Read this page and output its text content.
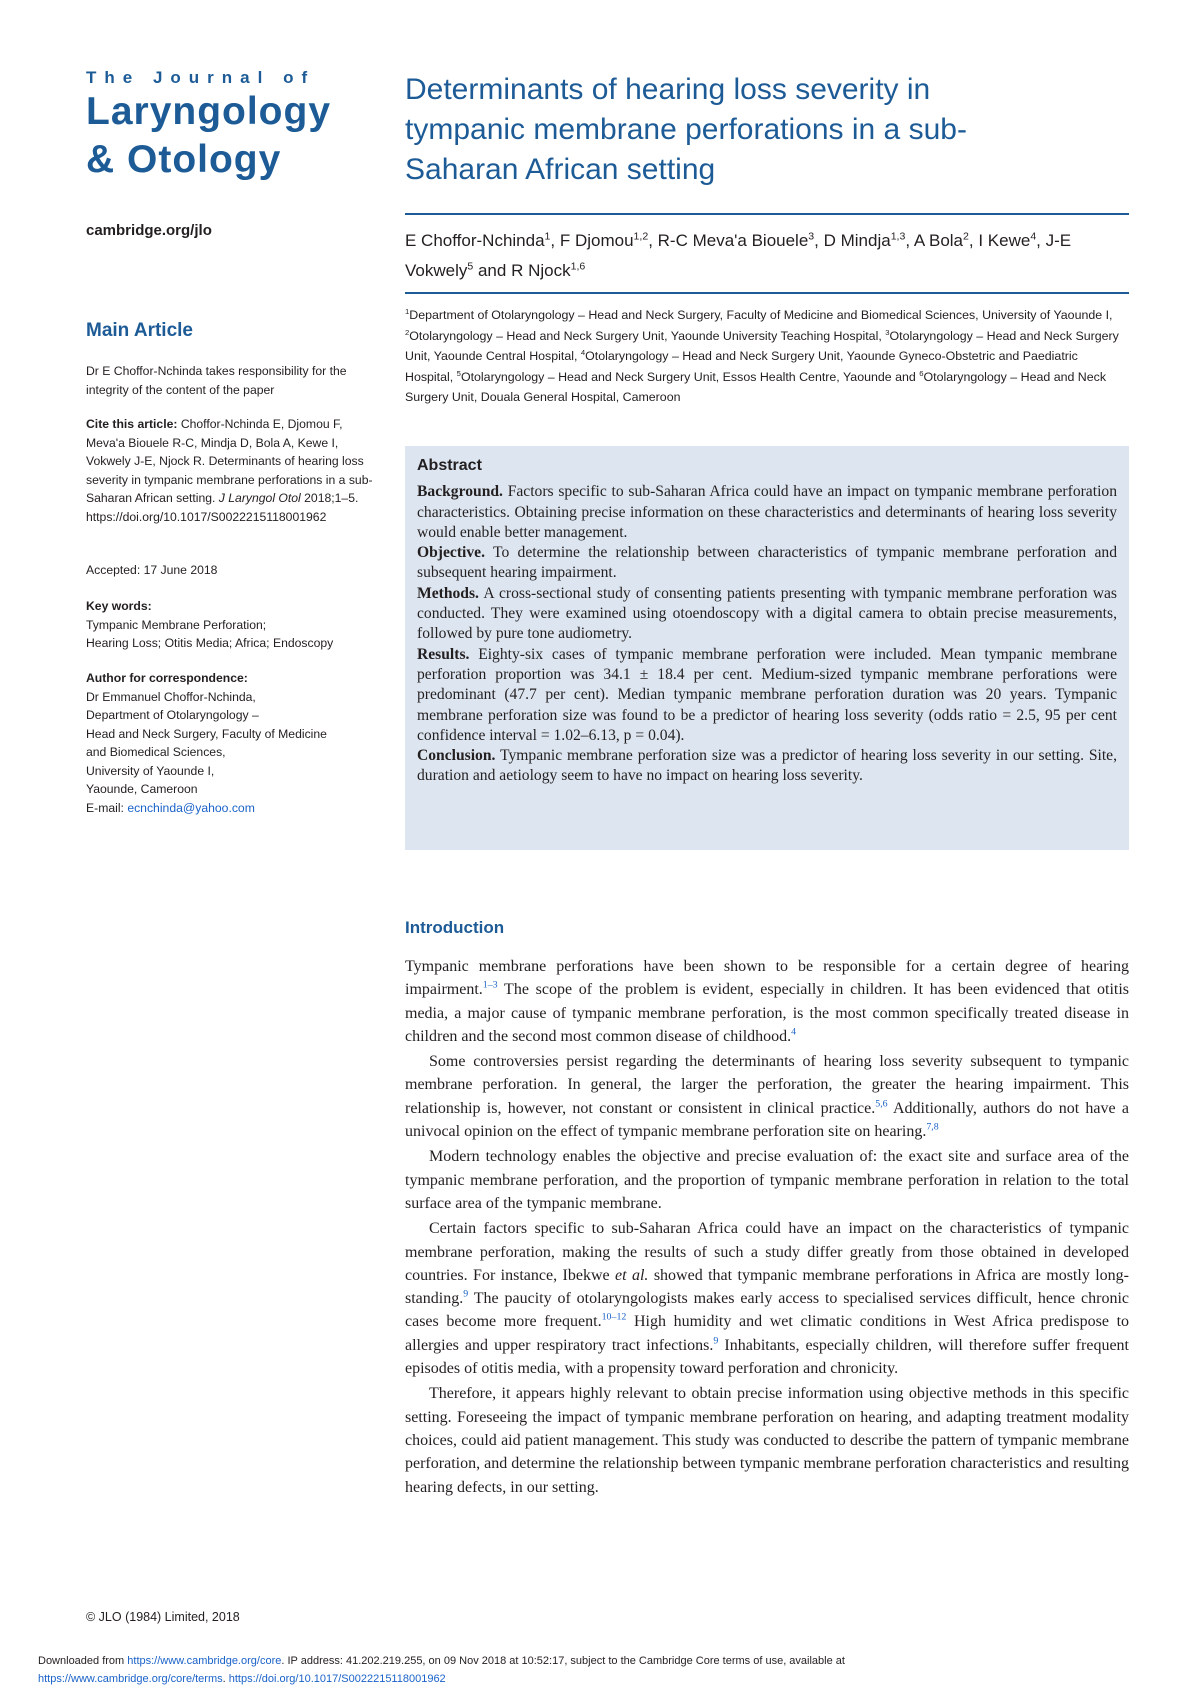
The Journal of
Laryngology
& Otology
cambridge.org/jlo
Main Article

Dr E Choffor-Nchinda takes responsibility for the integrity of the content of the paper

Cite this article: Choffor-Nchinda E, Djomou F, Meva'a Biouele R-C, Mindja D, Bola A, Kewe I, Vokwely J-E, Njock R. Determinants of hearing loss severity in tympanic membrane perforations in a sub-Saharan African setting. J Laryngol Otol 2018;1–5. https://doi.org/10.1017/S0022215118001962

Accepted: 17 June 2018

Key words:

Tympanic Membrane Perforation;

Hearing Loss; Otitis Media; Africa; Endoscopy

Author for correspondence:

Dr Emmanuel Choffor-Nchinda,

Department of Otolaryngology –

Head and Neck Surgery, Faculty of Medicine

and Biomedical Sciences,

University of Yaounde I,

Yaounde, Cameroon

E-mail: ecnchinda@yahoo.com

© JLO (1984) Limited, 2018
Determinants of hearing loss severity in tympanic membrane perforations in a sub-Saharan African setting
E Choffor-Nchinda$^1$, F Djomou$^{1,2}$, R-C Meva'a Biouele$^3$, D Mindja$^{1,3}$, A Bola$^2$, I Kewe$^4$, J-E Vokwely$^5$ and R Njock$^{1,6}$
$^1$Department of Otolaryngology – Head and Neck Surgery, Faculty of Medicine and Biomedical Sciences, University of Yaounde I, $^2$Otolaryngology – Head and Neck Surgery Unit, Yaounde University Teaching Hospital, $^3$Otolaryngology – Head and Neck Surgery Unit, Yaounde Central Hospital, $^4$Otolaryngology – Head and Neck Surgery Unit, Yaounde Gyneco-Obstetric and Paediatric Hospital, $^5$Otolaryngology – Head and Neck Surgery Unit, Essos Health Centre, Yaounde and $^6$Otolaryngology – Head and Neck Surgery Unit, Douala General Hospital, Cameroon
Abstract

Background. Factors specific to sub-Saharan Africa could have an impact on tympanic membrane perforation characteristics. Obtaining precise information on these characteristics and determinants of hearing loss severity would enable better management.

Objective. To determine the relationship between characteristics of tympanic membrane perforation and subsequent hearing impairment.

Methods. A cross-sectional study of consenting patients presenting with tympanic membrane perforation was conducted. They were examined using otoendoscopy with a digital camera to obtain precise measurements, followed by pure tone audiometry.

Results. Eighty-six cases of tympanic membrane perforation were included. Mean tympanic membrane perforation proportion was 34.1 ± 18.4 per cent. Medium-sized tympanic membrane perforations were predominant (47.7 per cent). Median tympanic membrane perforation duration was 20 years. Tympanic membrane perforation size was found to be a predictor of hearing loss severity (odds ratio = 2.5, 95 per cent confidence interval = 1.02–6.13, p = 0.04).

Conclusion. Tympanic membrane perforation size was a predictor of hearing loss severity in our setting. Site, duration and aetiology seem to have no impact on hearing loss severity.

Introduction

Tympanic membrane perforations have been shown to be responsible for a certain degree of hearing impairment.$^{1-3}$ The scope of the problem is evident, especially in children. It has been evidenced that otitis media, a major cause of tympanic membrane perforation, is the most common specifically treated disease in children and the second most common disease of childhood.$^4$

Some controversies persist regarding the determinants of hearing loss severity subsequent to tympanic membrane perforation. In general, the larger the perforation, the greater the hearing impairment. This relationship is, however, not constant or consistent in clinical practice.$^{5,6}$ Additionally, authors do not have a univocal opinion on the effect of tympanic membrane perforation site on hearing.$^{7,8}$

Modern technology enables the objective and precise evaluation of: the exact site and surface area of the tympanic membrane perforation, and the proportion of tympanic membrane perforation in relation to the total surface area of the tympanic membrane.

Certain factors specific to sub-Saharan Africa could have an impact on the characteristics of tympanic membrane perforation, making the results of such a study differ greatly from those obtained in developed countries. For instance, Ibekwe et al. showed that tympanic membrane perforations in Africa are mostly long-standing.$^9$ The paucity of otolaryngologists makes early access to specialised services difficult, hence chronic cases become more frequent.$^{10-12}$ High humidity and wet climatic conditions in West Africa predispose to allergies and upper respiratory tract infections.$^9$ Inhabitants, especially children, will therefore suffer frequent episodes of otitis media, with a propensity toward perforation and chronicity.

Therefore, it appears highly relevant to obtain precise information using objective methods in this specific setting. Foreseeing the impact of tympanic membrane perforation on hearing, and adapting treatment modality choices, could aid patient management. This study was conducted to describe the pattern of tympanic membrane perforation, and determine the relationship between tympanic membrane perforation characteristics and resulting hearing defects, in our setting.

Downloaded from https://www.cambridge.org/core. IP address: 41.202.219.255, on 09 Nov 2018 at 10:52:17, subject to the Cambridge Core terms of use, available at
https://www.cambridge.org/core/terms. https://doi.org/10.1017/S0022215118001962
